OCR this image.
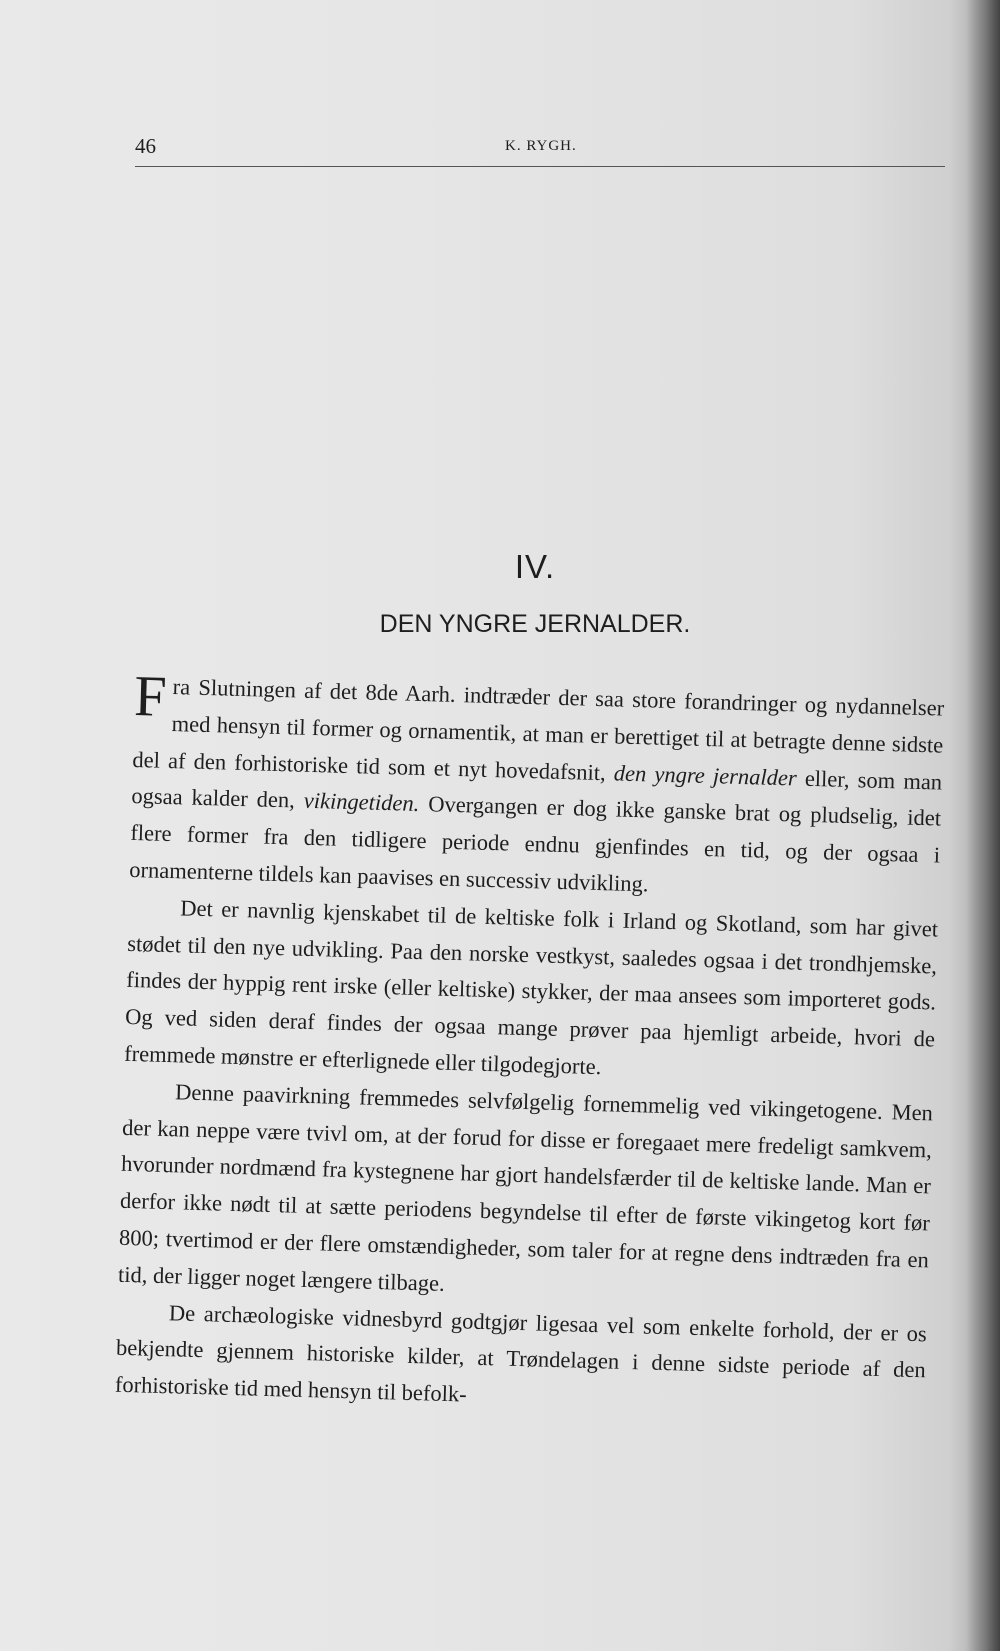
46	K. RYGH.
IV.
DEN YNGRE JERNALDER.

Fra Slutningen af det 8de Aarh. indtræder der saa store forandringer og nydannelser med hensyn til former og ornamentik, at man er berettiget til at betragte denne sidste del af den forhistoriske tid som et nyt hovedafsnit, den yngre jernalder eller, som man ogsaa kalder den, vikingetiden. Overgangen er dog ikke ganske brat og pludselig, idet flere former fra den tidligere periode endnu gjenfindes en tid, og der ogsaa i ornamenterne tildels kan paavises en successiv udvikling.

Det er navnlig kjenskabet til de keltiske folk i Irland og Skotland, som har givet stødet til den nye udvikling. Paa den norske vestkyst, saaledes ogsaa i det trondhjemske, findes der hyppig rent irske (eller keltiske) stykker, der maa ansees som importeret gods. Og ved siden deraf findes der ogsaa mange prøver paa hjemligt arbeide, hvori de fremmede mønstre er efterlignede eller tilgodegjorte.

Denne paavirkning fremmedes selvfølgelig fornemmelig ved vikingetogene. Men der kan neppe være tvivl om, at der forud for disse er foregaaet mere fredeligt samkvem, hvorunder nordmænd fra kystegnene har gjort handelsfærder til de keltiske lande. Man er derfor ikke nødt til at sætte periodens begyndelse til efter de første vikingetog kort før 800; tvertimod er der flere omstændigheder, som taler for at regne dens indtræden fra en tid, der ligger noget længere tilbage.

De archæologiske vidnesbyrd godtgjør ligesaa vel som enkelte forhold, der er os bekjendte gjennem historiske kilder, at Trøndelagen i denne sidste periode af den forhistoriske tid med hensyn til befolk-
